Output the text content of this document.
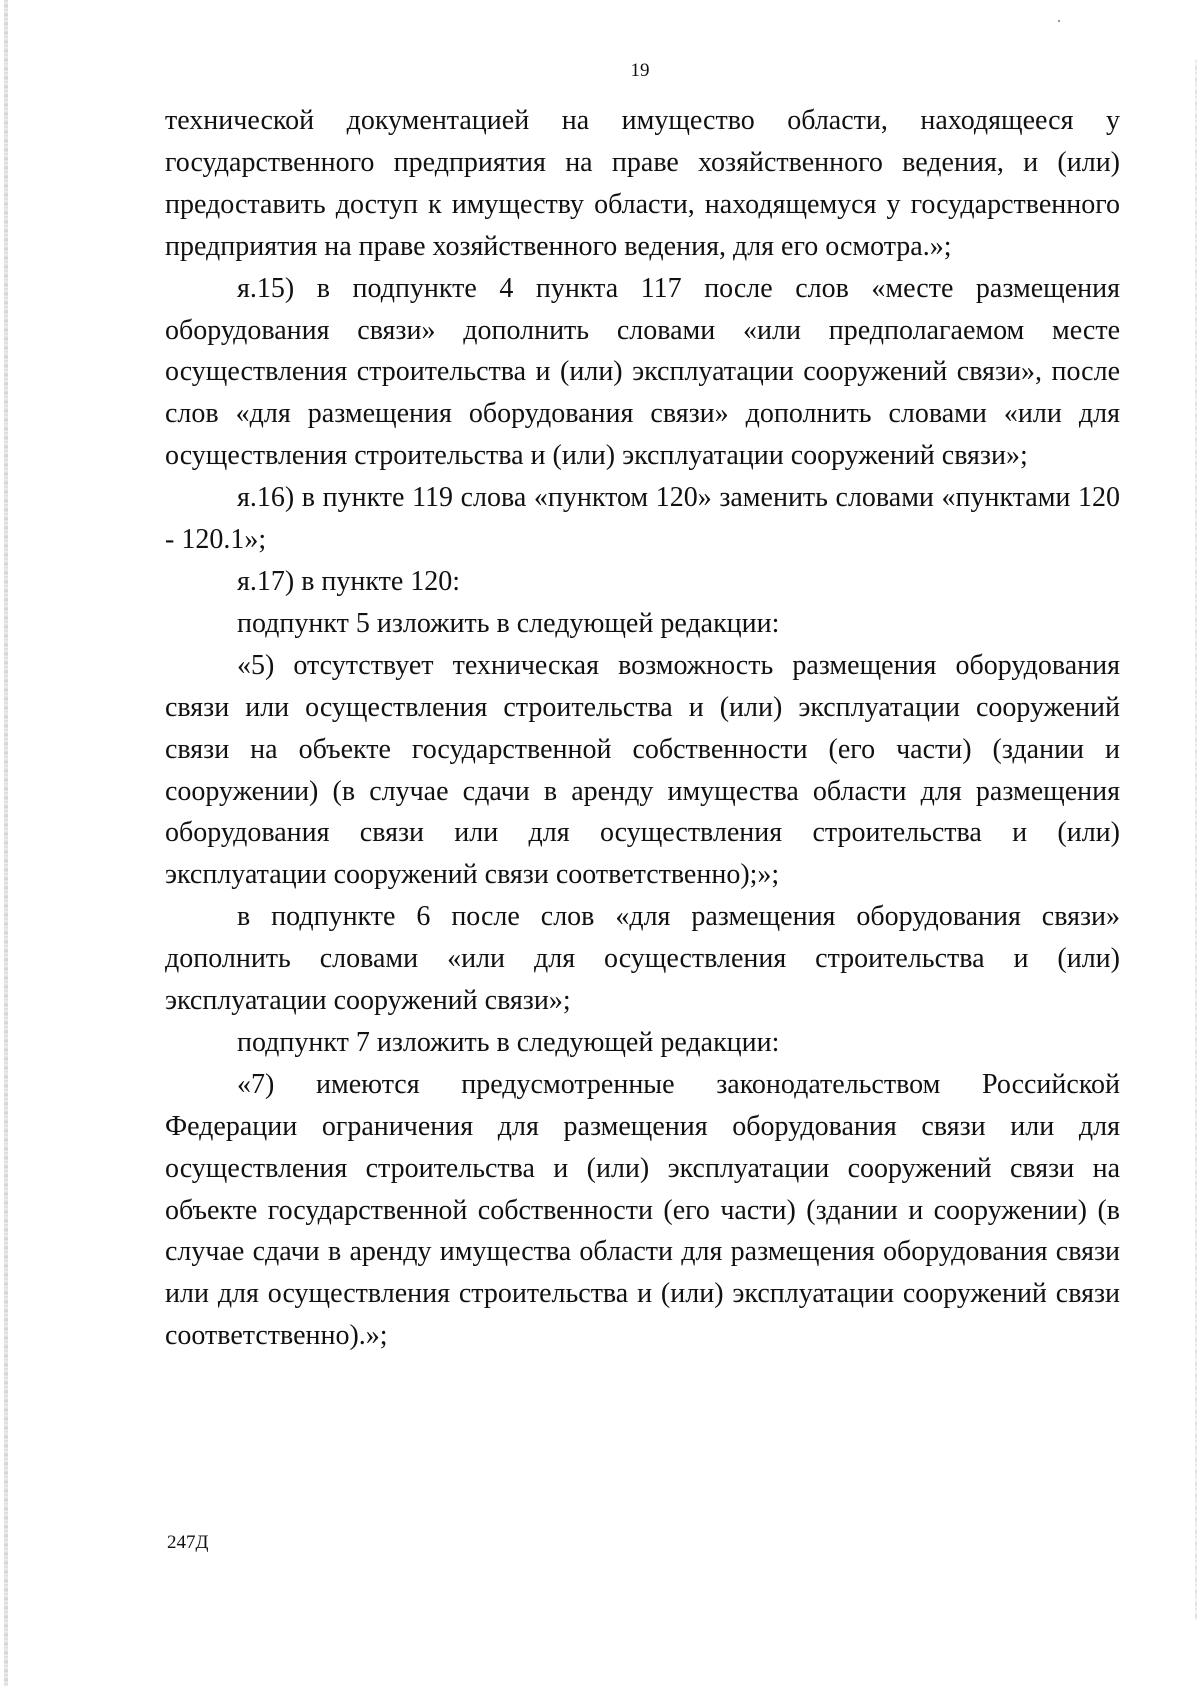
19

технической документацией на имущество области, находящееся у государственного предприятия на праве хозяйственного ведения, и (или) предоставить доступ к имуществу области, находящемуся у государственного предприятия на праве хозяйственного ведения, для его осмотра.»;

я.15) в подпункте 4 пункта 117 после слов «месте размещения оборудования связи» дополнить словами «или предполагаемом месте осуществления строительства и (или) эксплуатации сооружений связи», после слов «для размещения оборудования связи» дополнить словами «или для осуществления строительства и (или) эксплуатации сооружений связи»;

я.16) в пункте 119 слова «пунктом 120» заменить словами «пунктами 120 - 120.1»;

я.17) в пункте 120:

подпункт 5 изложить в следующей редакции:

«5) отсутствует техническая возможность размещения оборудования связи или осуществления строительства и (или) эксплуатации сооружений связи на объекте государственной собственности (его части) (здании и сооружении) (в случае сдачи в аренду имущества области для размещения оборудования связи или для осуществления строительства и (или) эксплуатации сооружений связи соответственно);»;

в подпункте 6 после слов «для размещения оборудования связи» дополнить словами «или для осуществления строительства и (или) эксплуатации сооружений связи»;

подпункт 7 изложить в следующей редакции:

«7) имеются предусмотренные законодательством Российской Федерации ограничения для размещения оборудования связи или для осуществления строительства и (или) эксплуатации сооружений связи на объекте государственной собственности (его части) (здании и сооружении) (в случае сдачи в аренду имущества области для размещения оборудования связи или для осуществления строительства и (или) эксплуатации сооружений связи соответственно).»;

247Д
